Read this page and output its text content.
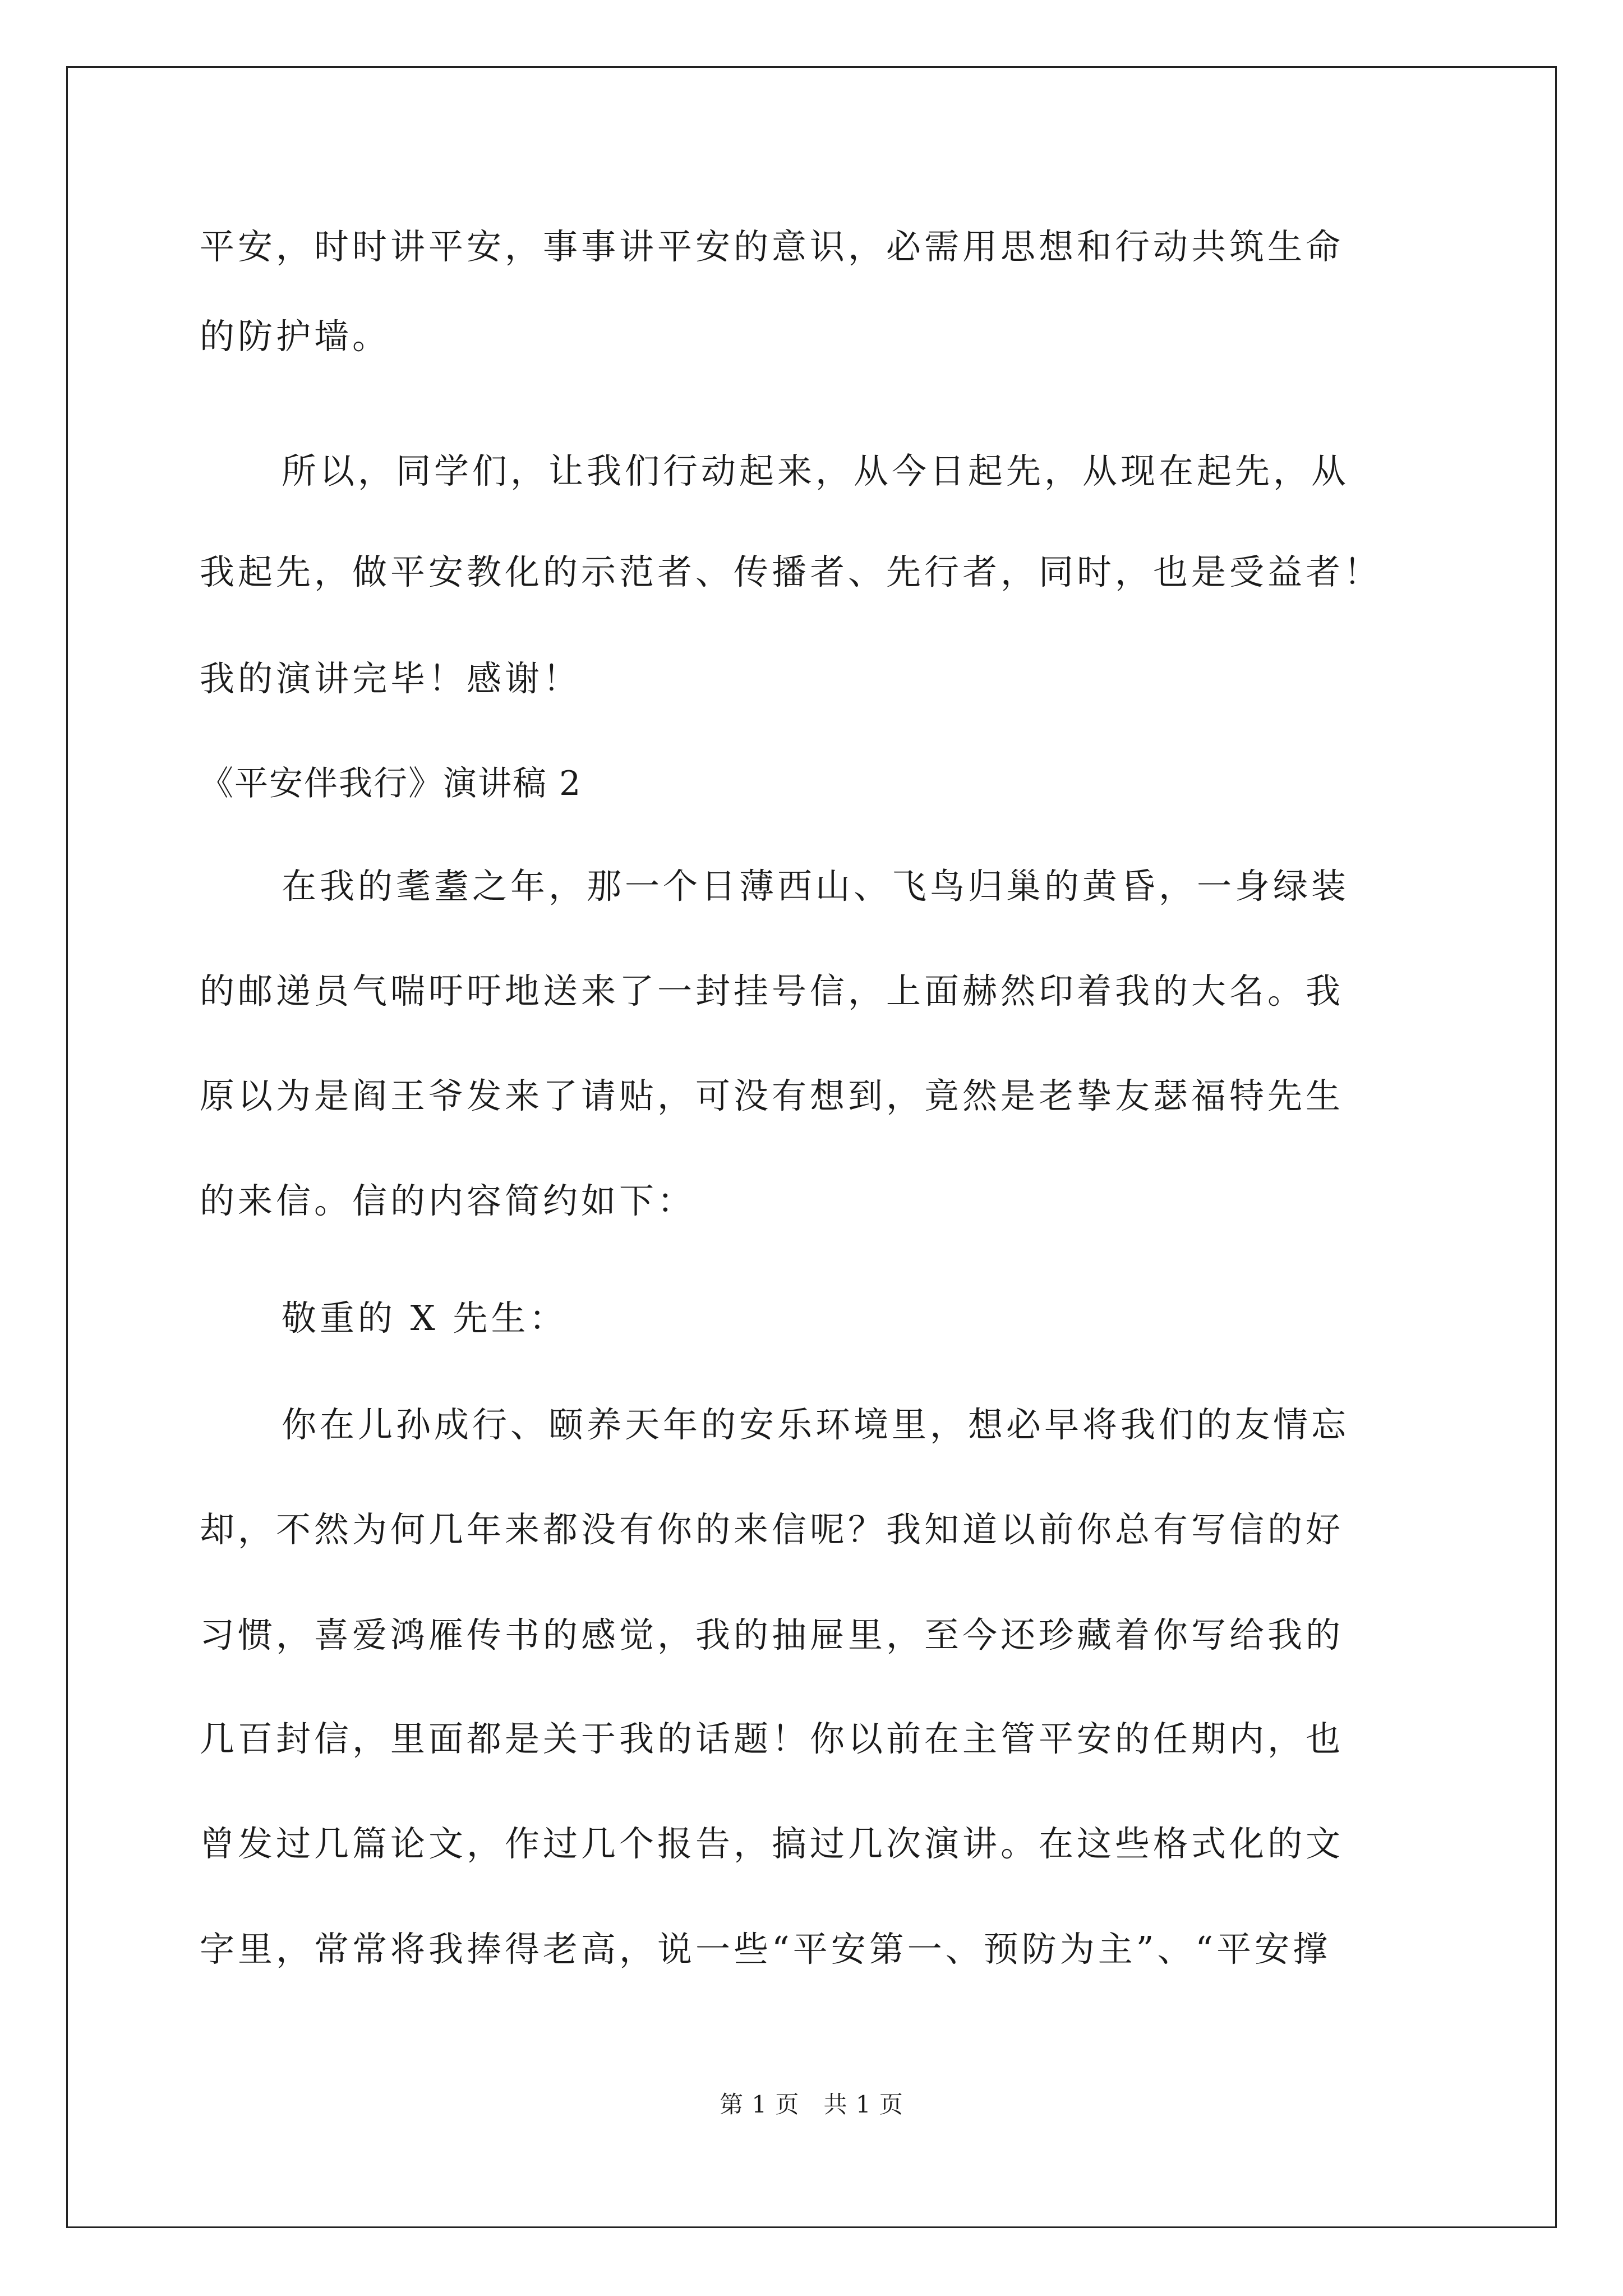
平安，时时讲平安，事事讲平安的意识，必需用思想和行动共筑生命
的防护墙。
所以，同学们，让我们行动起来，从今日起先，从现在起先，从
我起先，做平安教化的示范者、传播者、先行者，同时，也是受益者！
我的演讲完毕！感谢！
《平安伴我行》演讲稿 2
在我的耄耋之年，那一个日薄西山、飞鸟归巢的黄昏，一身绿装
的邮递员气喘吁吁地送来了一封挂号信，上面赫然印着我的大名。我
原以为是阎王爷发来了请贴，可没有想到，竟然是老挚友瑟福特先生
的来信。信的内容简约如下：
敬重的 X 先生：
你在儿孙成行、颐养天年的安乐环境里，想必早将我们的友情忘
却，不然为何几年来都没有你的来信呢？我知道以前你总有写信的好
习惯，喜爱鸿雁传书的感觉，我的抽屉里，至今还珍藏着你写给我的
几百封信，里面都是关于我的话题！你以前在主管平安的任期内，也
曾发过几篇论文，作过几个报告，搞过几次演讲。在这些格式化的文
字里，常常将我捧得老高，说一些“平安第一、预防为主”、“平安撑
第 1 页　共 1 页
